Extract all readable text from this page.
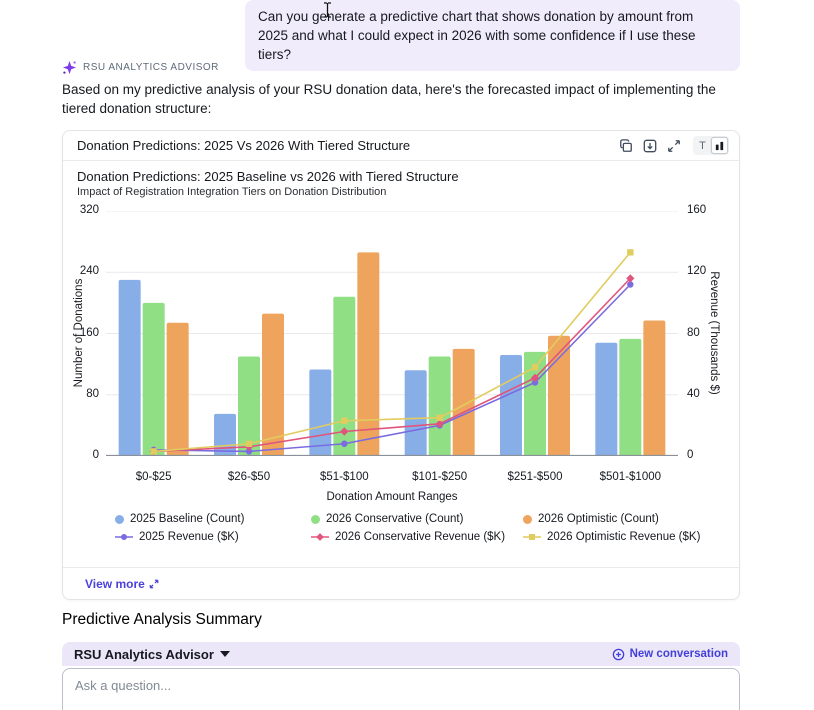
Can you generate a predictive chart that shows donation by amount from 2025 and what I could expect in 2026 with some confidence if I use these tiers?
RSU ANALYTICS ADVISOR
Based on my predictive analysis of your RSU donation data, here's the forecasted impact of implementing the tiered donation structure:
Donation Predictions: 2025 Vs 2026 With Tiered Structure	T
Donation Predictions: 2025 Baseline vs 2026 with Tiered Structure
Impact of Registration Integration Tiers on Donation Distribution
Number of Donations	Revenue (Thousands $)
0
80
160
240
320
0
40
80
120
160
$0-$25	$26-$50	$51-$100	$101-$250	$251-$500	$501-$1000
Donation Amount Ranges
2025 Baseline (Count)	2026 Conservative (Count)	2026 Optimistic (Count)
2025 Revenue ($K)	2026 Conservative Revenue ($K)	2026 Optimistic Revenue ($K)
View more
Predictive Analysis Summary
RSU Analytics Advisor	New conversation
Ask a question...
